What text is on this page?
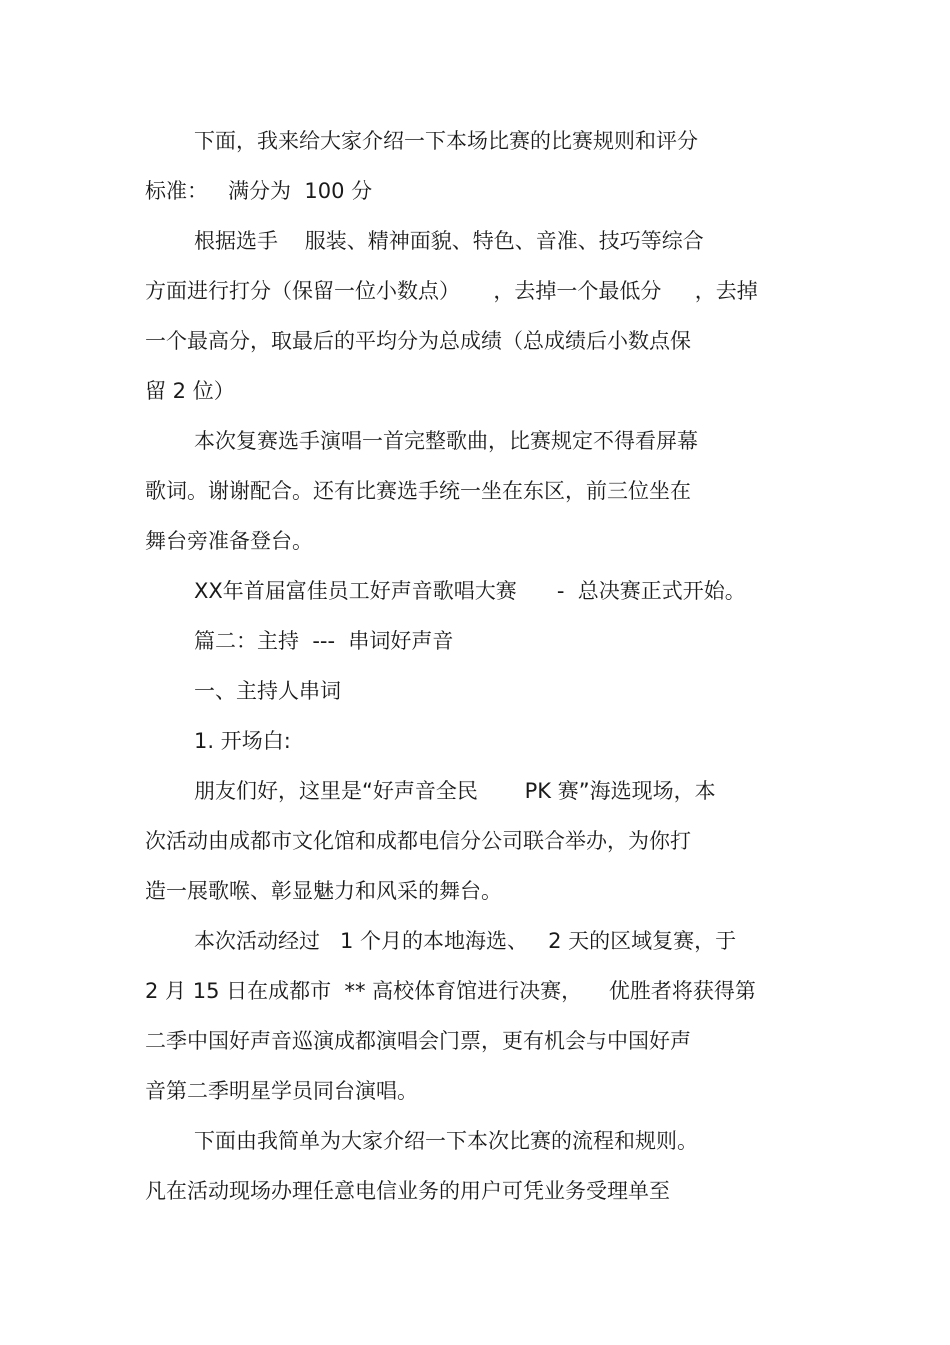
下面，我来给大家介绍一下本场比赛的比赛规则和评分
标准：   满分为  100 分
根据选手    服装、精神面貌、特色、音准、技巧等综合
方面进行打分（保留一位小数点）     ，去掉一个最低分     ，去掉
一个最高分，取最后的平均分为总成绩（总成绩后小数点保
留 2 位）
本次复赛选手演唱一首完整歌曲，比赛规定不得看屏幕
歌词。谢谢配合。还有比赛选手统一坐在东区，前三位坐在
舞台旁准备登台。
XX年首届富佳员工好声音歌唱大赛      -  总决赛正式开始。
篇二：主持  ---  串词好声音
一、主持人串词
1. 开场白:
朋友们好，这里是“好声音全民       PK 赛”海选现场，本
次活动由成都市文化馆和成都电信分公司联合举办，为你打
造一展歌喉、彰显魅力和风采的舞台。
本次活动经过   1 个月的本地海选、   2 天的区域复赛，于
2 月 15 日在成都市  ** 高校体育馆进行决赛，    优胜者将获得第
二季中国好声音巡演成都演唱会门票，更有机会与中国好声
音第二季明星学员同台演唱。
下面由我简单为大家介绍一下本次比赛的流程和规则。
凡在活动现场办理任意电信业务的用户可凭业务受理单至
